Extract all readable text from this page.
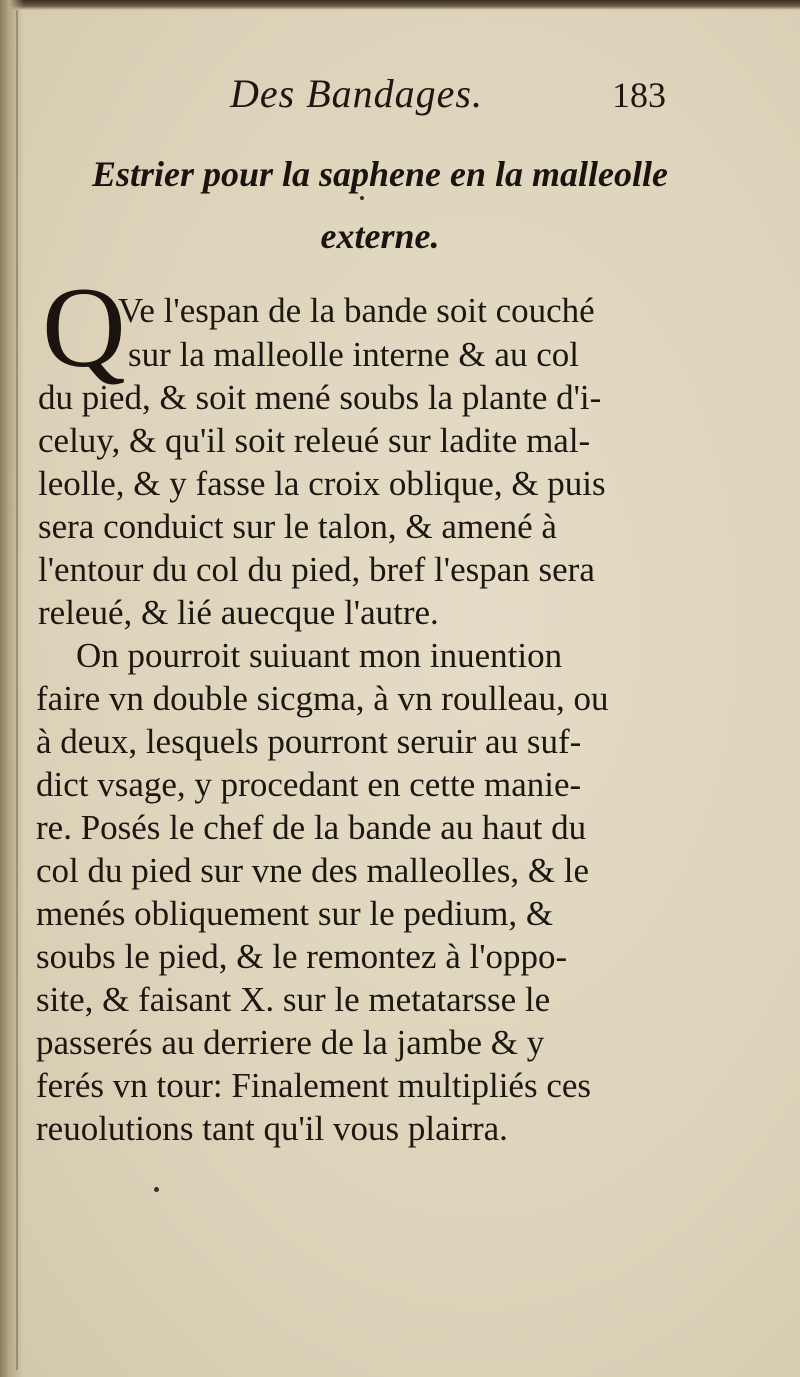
Des Bandages.	183
Estrier pour la saphene en la malleolle
externe.
Q
Ve l'espan de la bande soit couché
sur la malleolle interne & au col
du pied, & soit mené soubs la plante d'i-
celuy, & qu'il soit releué sur ladite mal-
leolle, & y fasse la croix oblique, & puis
sera conduict sur le talon, & amené à
l'entour du col du pied, bref l'espan sera
releué, & lié auecque l'autre.
On pourroit suiuant mon inuention
faire vn double sicgma, à vn roulleau, ou
à deux, lesquels pourront seruir au suf-
dict vsage, y procedant en cette manie-
re. Posés le chef de la bande au haut du
col du pied sur vne des malleolles, & le
menés obliquement sur le pedium, &
soubs le pied, & le remontez à l'oppo-
site, & faisant X. sur le metatarsse le
passerés au derriere de la jambe & y
ferés vn tour: Finalement multipliés ces
reuolutions tant qu'il vous plairra.
